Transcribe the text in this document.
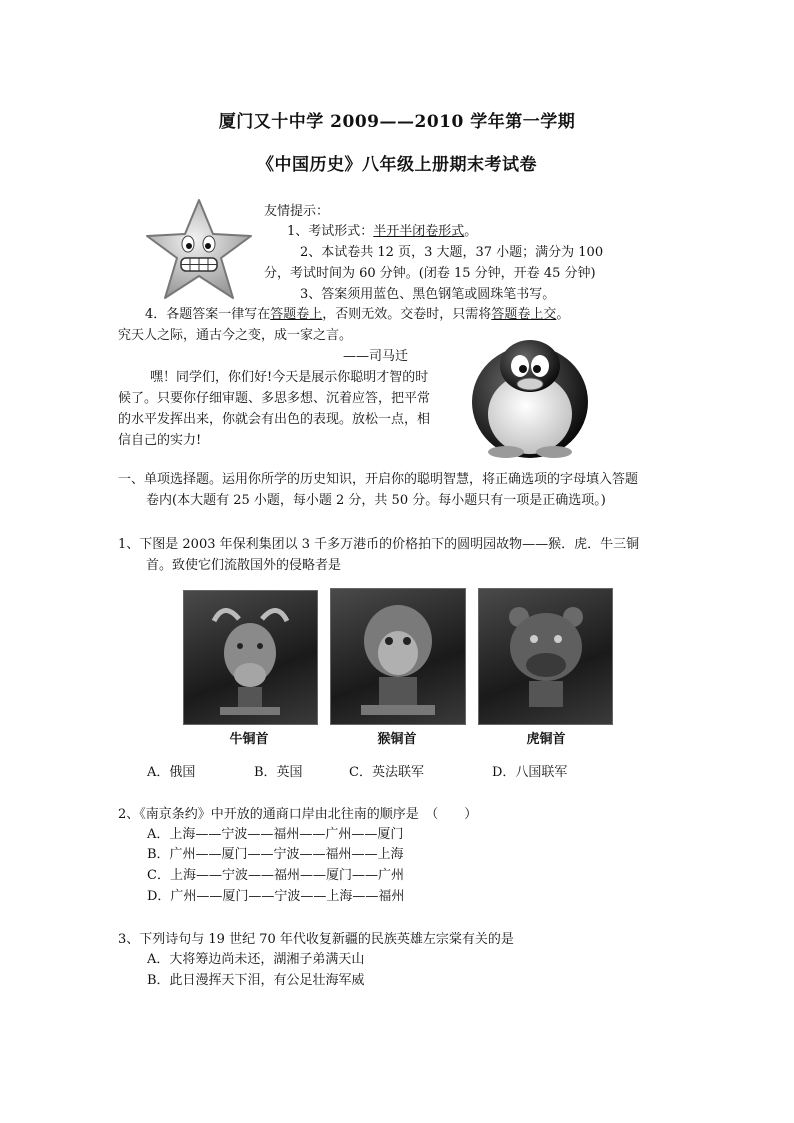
厦门又十中学 2009——2010 学年第一学期
《中国历史》八年级上册期末考试卷
友情提示：
1、考试形式：半开半闭卷形式。
2、本试卷共 12 页，3 大题，37 小题；满分为 100
分，考试时间为 60 分钟。(闭卷 15 分钟，开卷 45 分钟)
3、答案须用蓝色、黑色钢笔或圆珠笔书写。
4．各题答案一律写在答题卷上，否则无效。交卷时，只需将答题卷上交。
究天人之际，通古今之变，成一家之言。
——司马迁
嘿！同学们，你们好!今天是展示你聪明才智的时
候了。只要你仔细审题、多思多想、沉着应答，把平常
的水平发挥出来，你就会有出色的表现。放松一点，相
信自己的实力!
一、单项选择题。运用你所学的历史知识，开启你的聪明智慧，将正确选项的字母填入答题
卷内(本大题有 25 小题，每小题 2 分，共 50 分。每小题只有一项是正确选项。)
1、下图是 2003 年保利集团以 3 千多万港币的价格拍下的圆明园故物——猴．虎．牛三铜
首。致使它们流散国外的侵略者是
牛铜首	猴铜首	虎铜首
A．俄国	B．英国	C．英法联军	D．八国联军
2、《南京条约》中开放的通商口岸由北往南的顺序是　（　　）
A．上海——宁波——福州——广州——厦门
B．广州——厦门——宁波——福州——上海
C．上海——宁波——福州——厦门——广州
D．广州——厦门——宁波——上海——福州
3、下列诗句与 19 世纪 70 年代收复新疆的民族英雄左宗棠有关的是
A．大将筹边尚未还，湖湘子弟满天山
B．此日漫挥天下泪，有公足壮海军威
